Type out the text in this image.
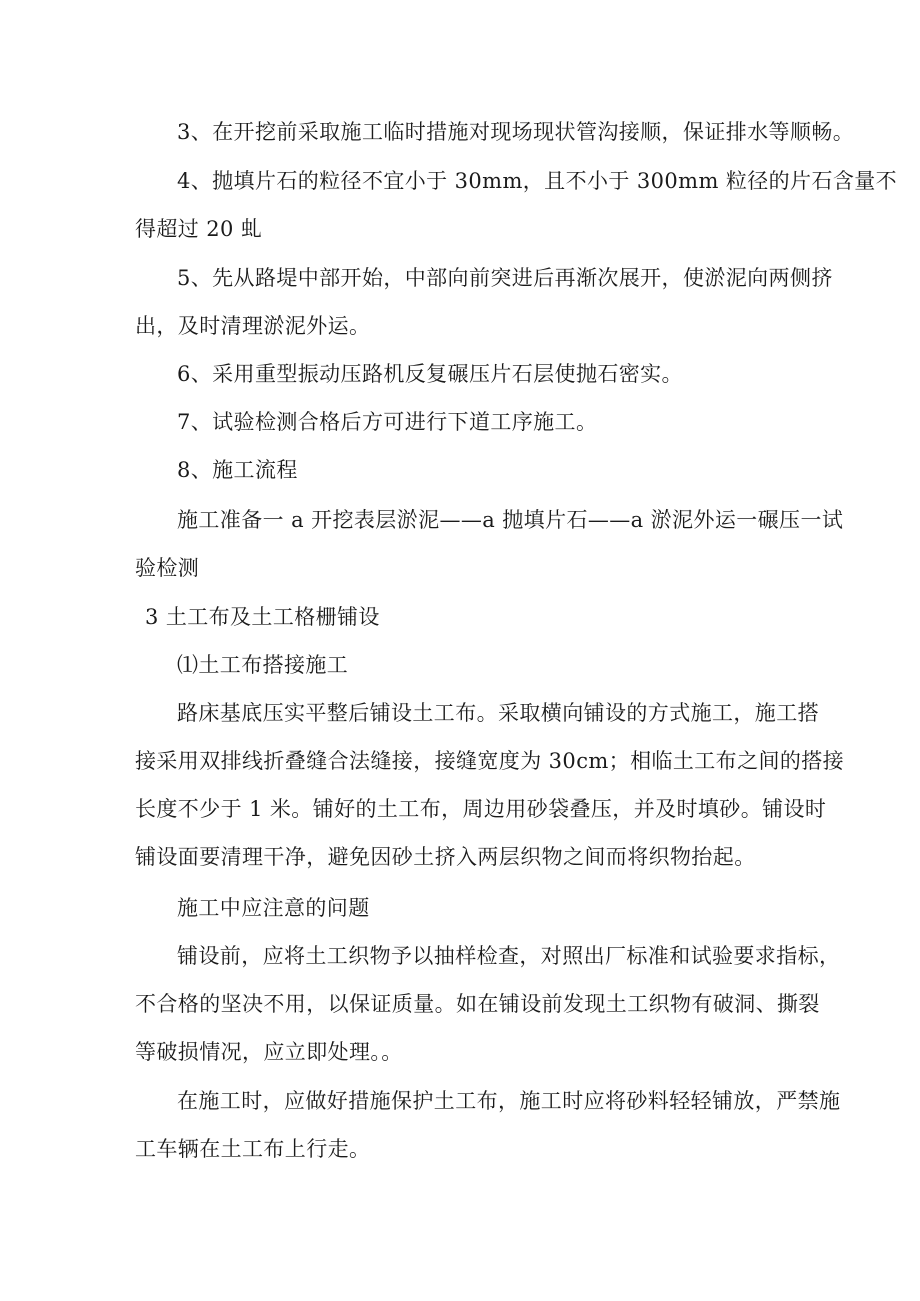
3、在开挖前采取施工临时措施对现场现状管沟接顺，保证排水等顺畅。
4、抛填片石的粒径不宜小于 30mm，且不小于 300mm 粒径的片石含量不
得超过 20 虬
5、先从路堤中部开始，中部向前突进后再渐次展开，使淤泥向两侧挤
出，及时清理淤泥外运。
6、采用重型振动压路机反复碾压片石层使抛石密实。
7、试验检测合格后方可进行下道工序施工。
8、施工流程
施工准备一 a 开挖表层淤泥——a 抛填片石——a 淤泥外运一碾压一试
验检测
3 土工布及土工格栅铺设
⑴土工布搭接施工
路床基底压实平整后铺设土工布。采取横向铺设的方式施工，施工搭
接采用双排线折叠缝合法缝接，接缝宽度为 30cm；相临土工布之间的搭接
长度不少于 1 米。铺好的土工布，周边用砂袋叠压，并及时填砂。铺设时
铺设面要清理干净，避免因砂土挤入两层织物之间而将织物抬起。
施工中应注意的问题
铺设前，应将土工织物予以抽样检查，对照出厂标准和试验要求指标，
不合格的坚决不用，以保证质量。如在铺设前发现土工织物有破洞、撕裂
等破损情况，应立即处理。。
在施工时，应做好措施保护土工布，施工时应将砂料轻轻铺放，严禁施
工车辆在土工布上行走。
